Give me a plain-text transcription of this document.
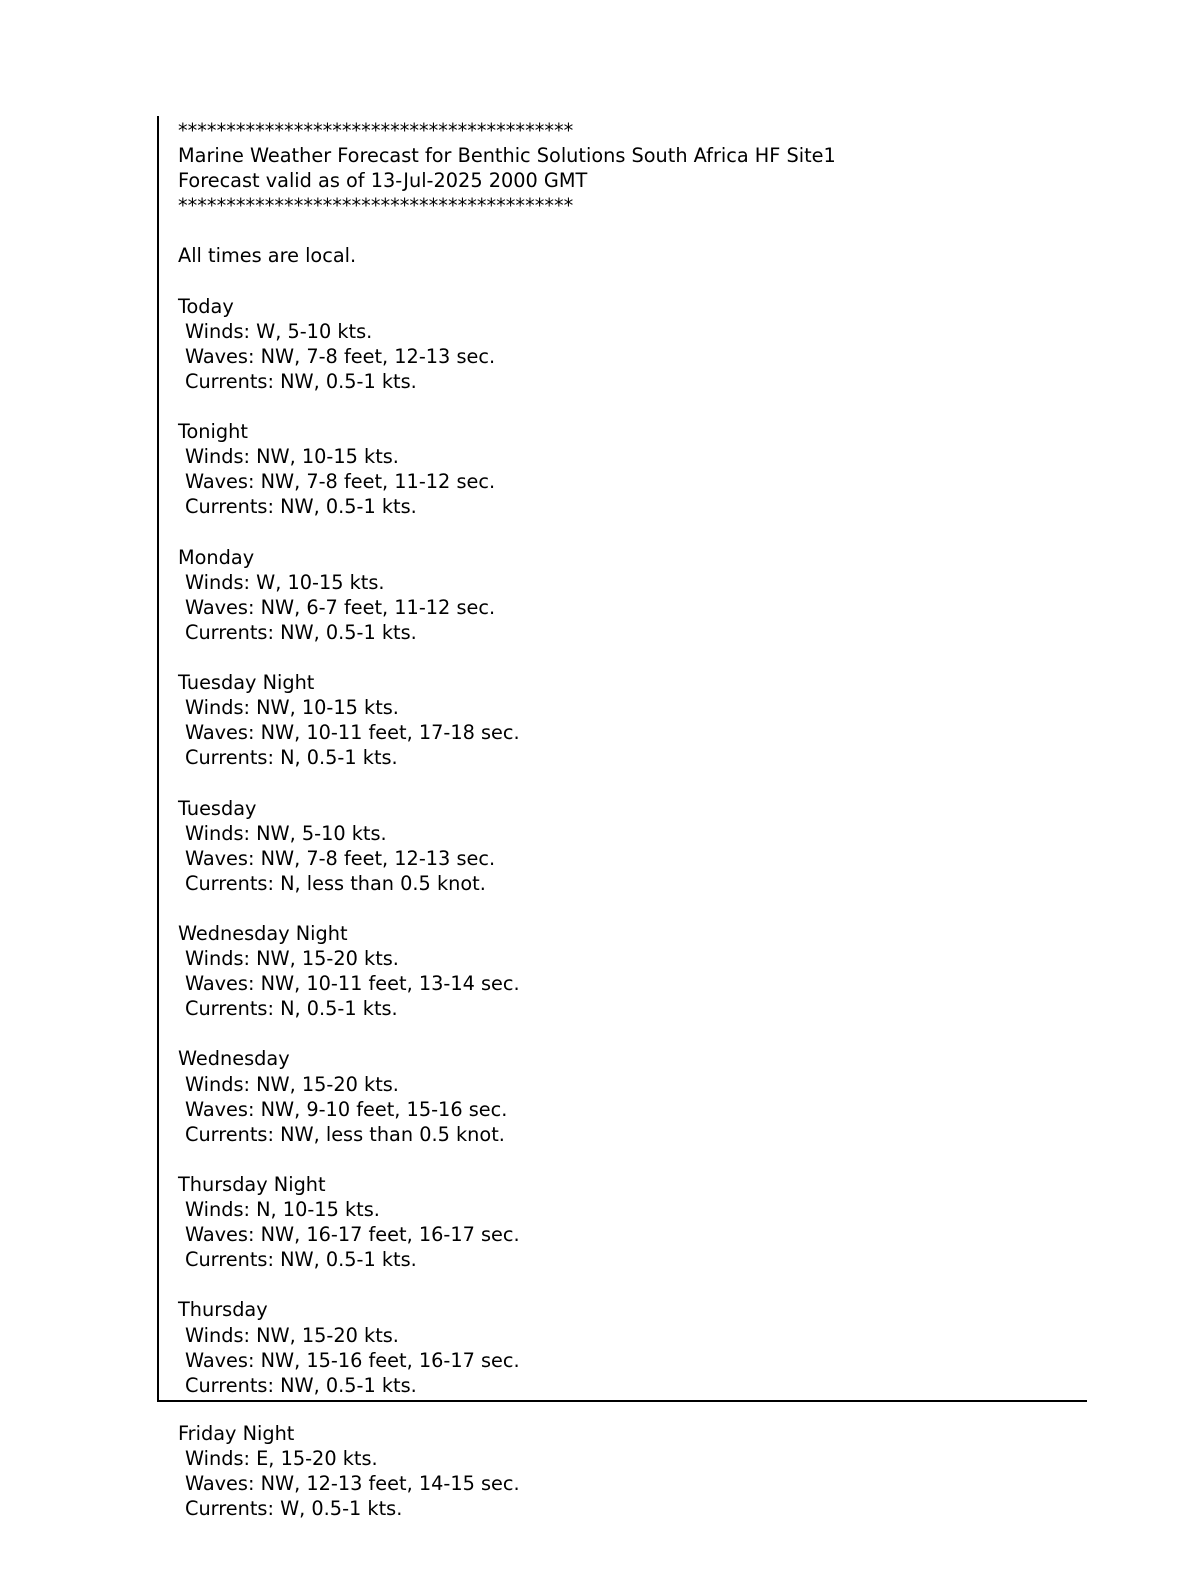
*****************************************
Marine Weather Forecast for Benthic Solutions South Africa HF Site1
Forecast valid as of 13-Jul-2025 2000 GMT
*****************************************
All times are local.
Today
Winds: W, 5-10 kts.
Waves: NW, 7-8 feet, 12-13 sec.
Currents: NW, 0.5-1 kts.
Tonight
Winds: NW, 10-15 kts.
Waves: NW, 7-8 feet, 11-12 sec.
Currents: NW, 0.5-1 kts.
Monday
Winds: W, 10-15 kts.
Waves: NW, 6-7 feet, 11-12 sec.
Currents: NW, 0.5-1 kts.
Tuesday Night
Winds: NW, 10-15 kts.
Waves: NW, 10-11 feet, 17-18 sec.
Currents: N, 0.5-1 kts.
Tuesday
Winds: NW, 5-10 kts.
Waves: NW, 7-8 feet, 12-13 sec.
Currents: N, less than 0.5 knot.
Wednesday Night
Winds: NW, 15-20 kts.
Waves: NW, 10-11 feet, 13-14 sec.
Currents: N, 0.5-1 kts.
Wednesday
Winds: NW, 15-20 kts.
Waves: NW, 9-10 feet, 15-16 sec.
Currents: NW, less than 0.5 knot.
Thursday Night
Winds: N, 10-15 kts.
Waves: NW, 16-17 feet, 16-17 sec.
Currents: NW, 0.5-1 kts.
Thursday
Winds: NW, 15-20 kts.
Waves: NW, 15-16 feet, 16-17 sec.
Currents: NW, 0.5-1 kts.
Friday Night
Winds: E, 15-20 kts.
Waves: NW, 12-13 feet, 14-15 sec.
Currents: W, 0.5-1 kts.
